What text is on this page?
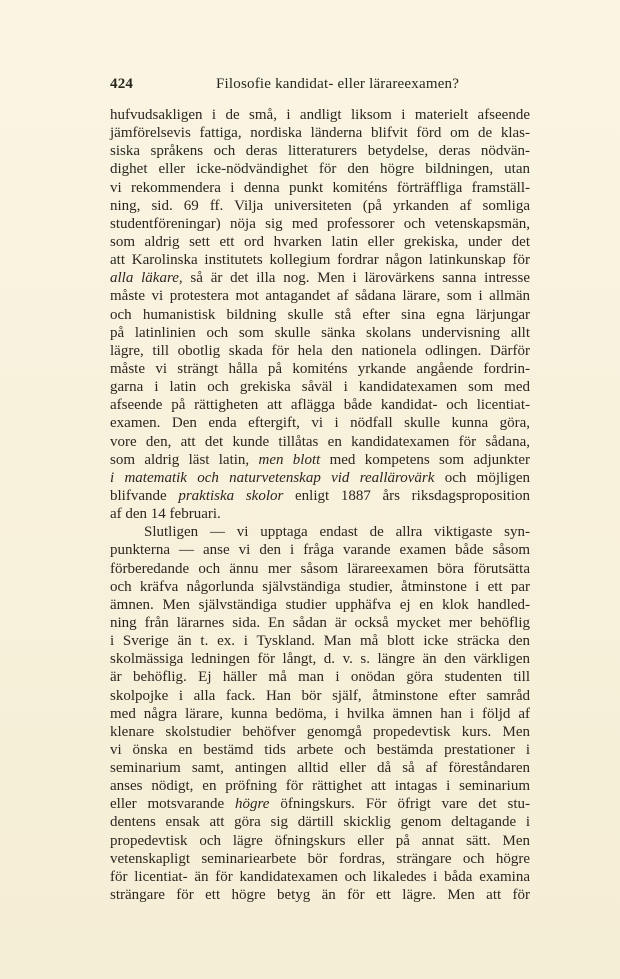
424	Filosofie kandidat- eller lärareexamen?
hufvudsakligen i de små, i andligt liksom i materielt afseende
jämförelsevis fattiga, nordiska länderna blifvit förd om de klas-
siska språkens och deras litteraturers betydelse, deras nödvän-
dighet eller icke-nödvändighet för den högre bildningen, utan
vi rekommendera i denna punkt komiténs förträffliga framställ-
ning, sid. 69 ff. Vilja universiteten (på yrkanden af somliga
studentföreningar) nöja sig med professorer och vetenskapsmän,
som aldrig sett ett ord hvarken latin eller grekiska, under det
att Karolinska institutets kollegium fordrar någon latinkunskap för
alla läkare, så är det illa nog. Men i lärovärkens sanna intresse
måste vi protestera mot antagandet af sådana lärare, som i allmän
och humanistisk bildning skulle stå efter sina egna lärjungar
på latinlinien och som skulle sänka skolans undervisning allt
lägre, till obotlig skada för hela den nationela odlingen. Därför
måste vi strängt hålla på komiténs yrkande angående fordrin-
garna i latin och grekiska såväl i kandidatexamen som med
afseende på rättigheten att aflägga både kandidat- och licentiat-
examen. Den enda eftergift, vi i nödfall skulle kunna göra,
vore den, att det kunde tillåtas en kandidatexamen för sådana,
som aldrig läst latin, men blott med kompetens som adjunkter
i matematik och naturvetenskap vid reallärovärk och möjligen
blifvande praktiska skolor enligt 1887 års riksdagsproposition
af den 14 februari.
Slutligen — vi upptaga endast de allra viktigaste syn-
punkterna — anse vi den i fråga varande examen både såsom
förberedande och ännu mer såsom lärareexamen böra förutsätta
och kräfva någorlunda självständiga studier, åtminstone i ett par
ämnen. Men självständiga studier upphäfva ej en klok handled-
ning från lärarnes sida. En sådan är också mycket mer behöflig
i Sverige än t. ex. i Tyskland. Man må blott icke sträcka den
skolmässiga ledningen för långt, d. v. s. längre än den värkligen
är behöflig. Ej häller må man i onödan göra studenten till
skolpojke i alla fack. Han bör själf, åtminstone efter samråd
med några lärare, kunna bedöma, i hvilka ämnen han i följd af
klenare skolstudier behöfver genomgå propedevtisk kurs. Men
vi önska en bestämd tids arbete och bestämda prestationer i
seminarium samt, antingen alltid eller då så af föreståndaren
anses nödigt, en pröfning för rättighet att intagas i seminarium
eller motsvarande högre öfningskurs. För öfrigt vare det stu-
dentens ensak att göra sig därtill skicklig genom deltagande i
propedevtisk och lägre öfningskurs eller på annat sätt. Men
vetenskapligt seminariearbete bör fordras, strängare och högre
för licentiat- än för kandidatexamen och likaledes i båda examina
strängare för ett högre betyg än för ett lägre. Men att för
